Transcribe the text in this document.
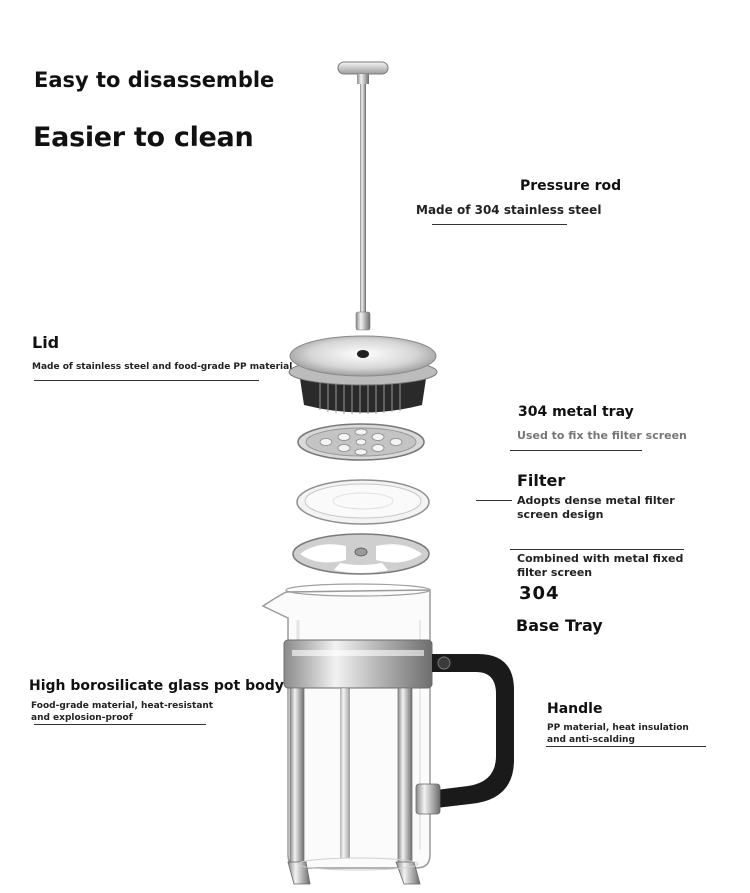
Easy to disassemble
Easier to clean
Pressure rod
Made of 304 stainless steel
Lid
Made of stainless steel and food-grade PP material
304 metal tray
Used to fix the filter screen
Filter
Adopts dense metal filter
screen design
Combined with metal fixed
filter screen
304
Base Tray
High borosilicate glass pot body
Food-grade material, heat-resistant
and explosion-proof
Handle
PP material, heat insulation
and anti-scalding
